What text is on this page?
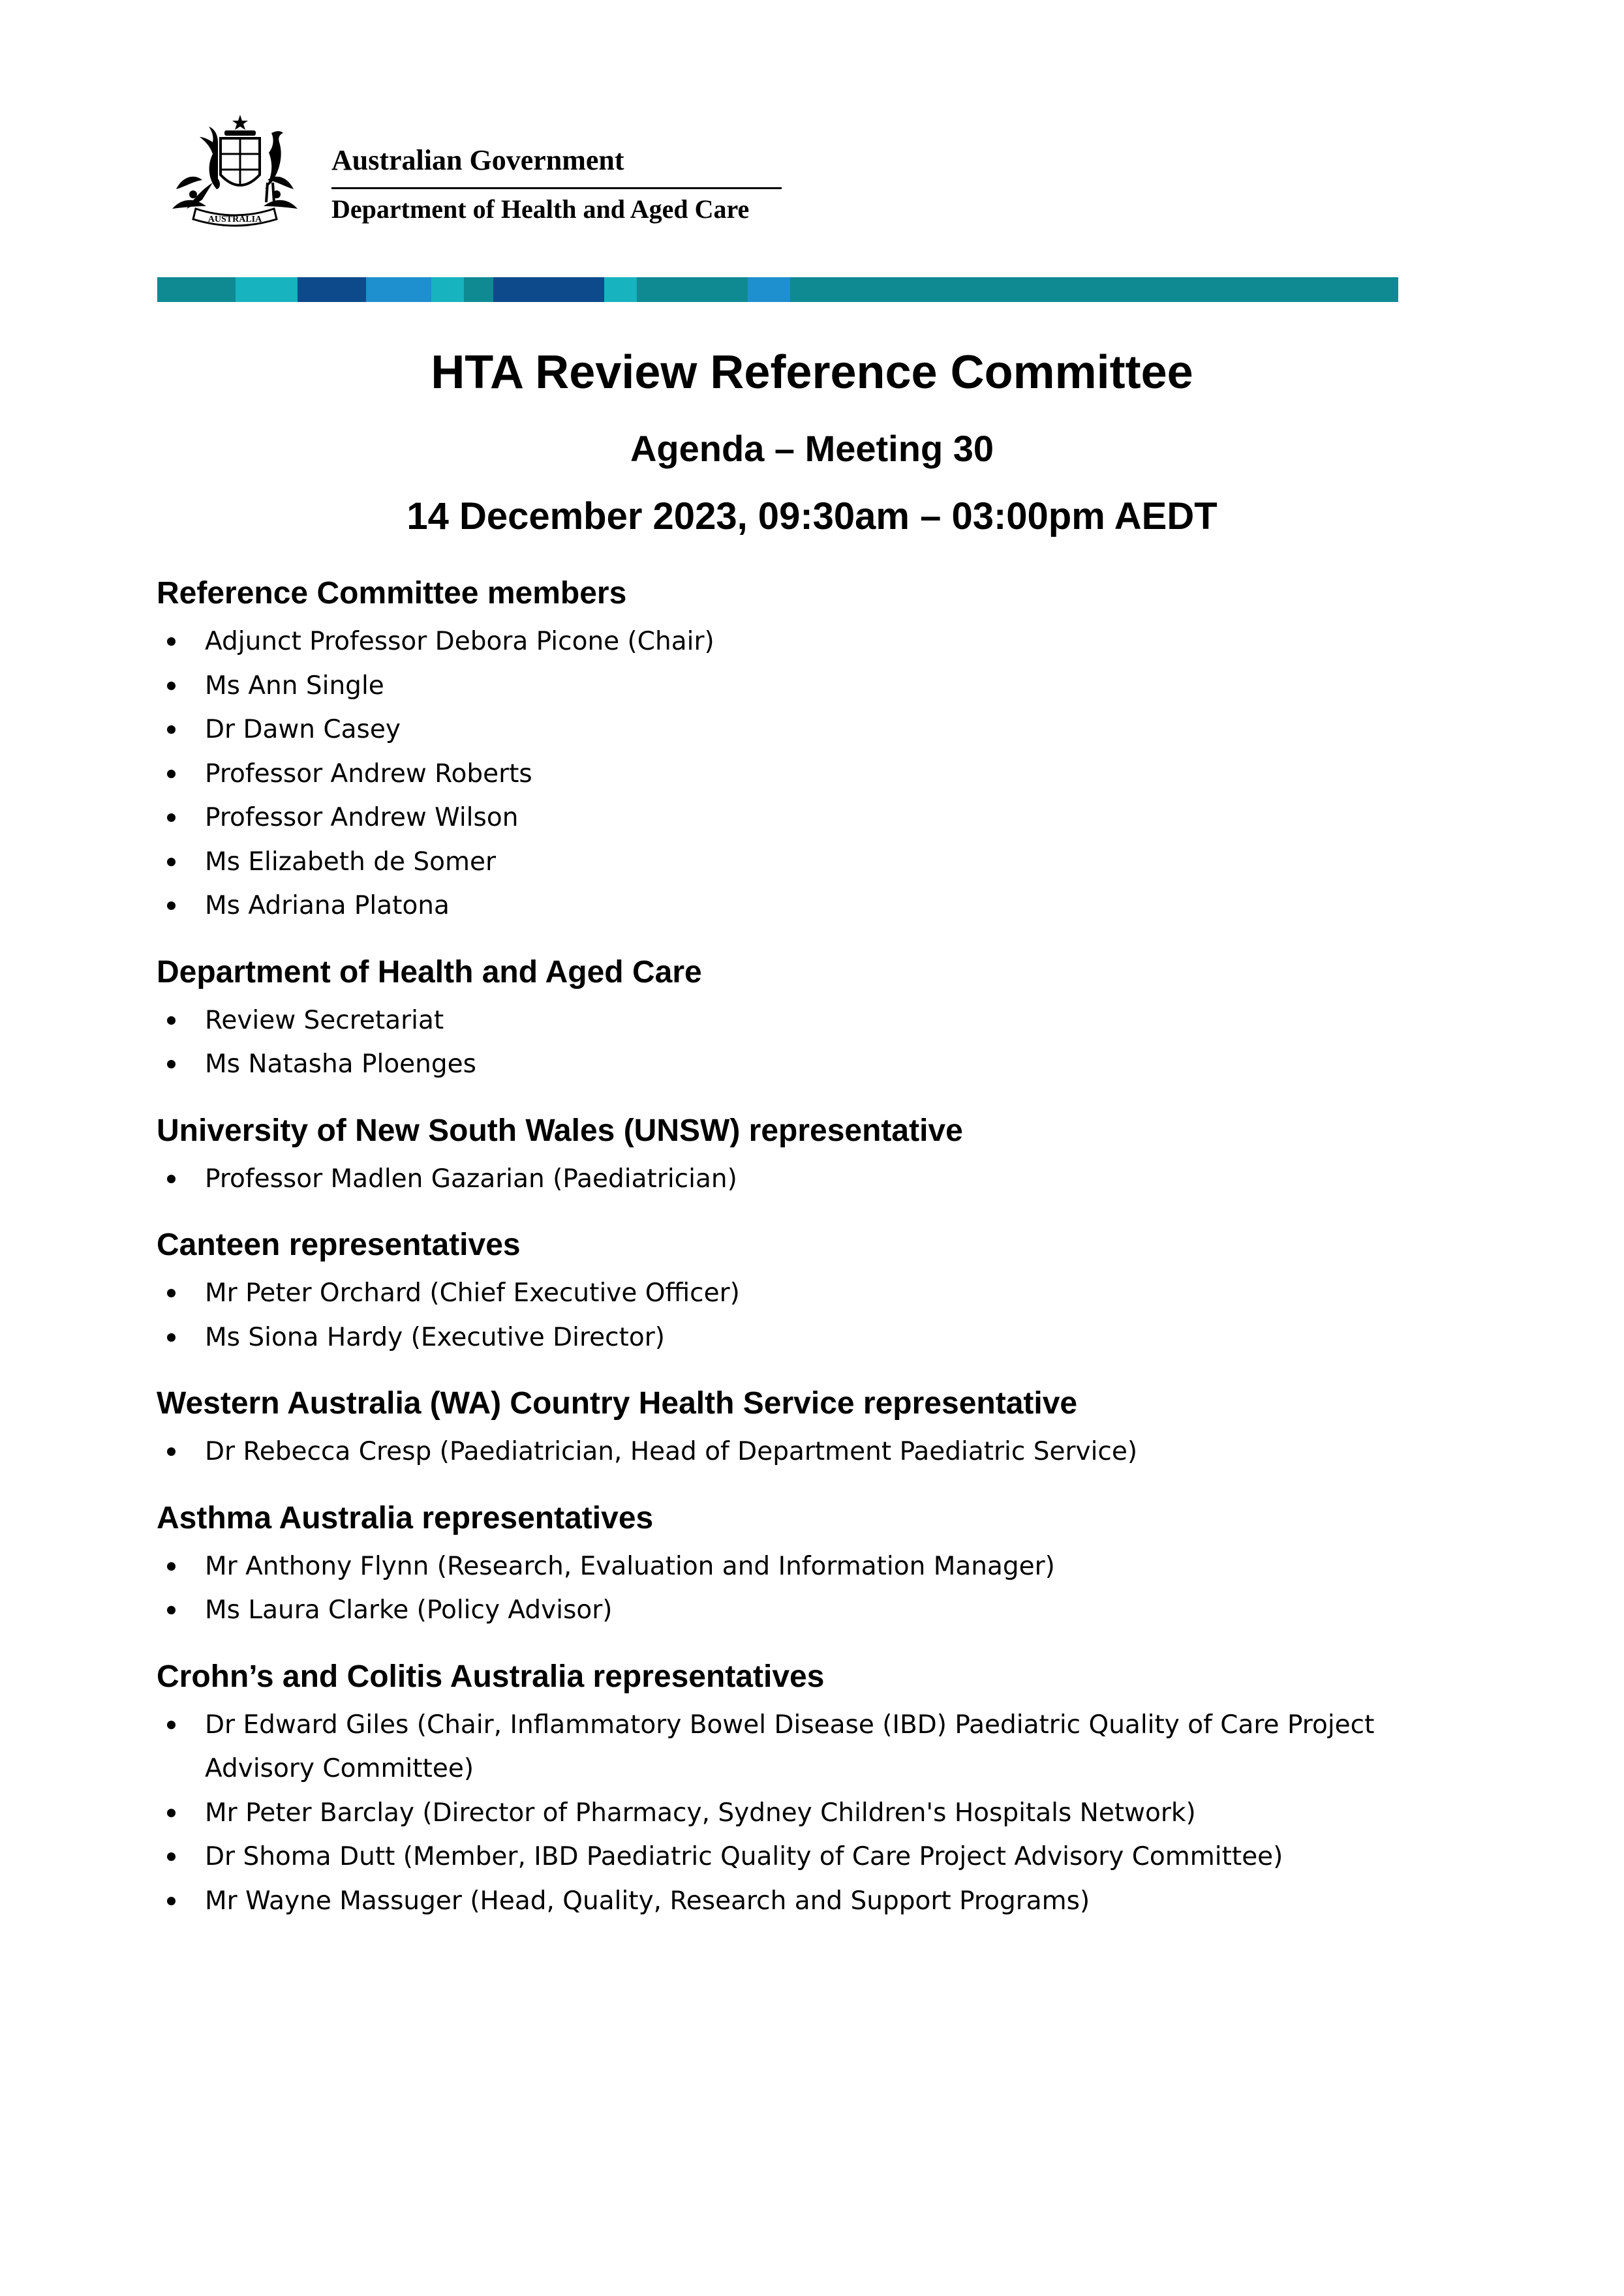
AUSTRALIA
Australian Government
Department of Health and Aged Care
HTA Review Reference Committee
Agenda – Meeting 30
14 December 2023, 09:30am – 03:00pm AEDT
Reference Committee members
Adjunct Professor Debora Picone (Chair)
Ms Ann Single
Dr Dawn Casey
Professor Andrew Roberts
Professor Andrew Wilson
Ms Elizabeth de Somer
Ms Adriana Platona
Department of Health and Aged Care
Review Secretariat
Ms Natasha Ploenges
University of New South Wales (UNSW) representative
Professor Madlen Gazarian (Paediatrician)
Canteen representatives
Mr Peter Orchard (Chief Executive Officer)
Ms Siona Hardy (Executive Director)
Western Australia (WA) Country Health Service representative
Dr Rebecca Cresp (Paediatrician, Head of Department Paediatric Service)
Asthma Australia representatives
Mr Anthony Flynn (Research, Evaluation and Information Manager)
Ms Laura Clarke (Policy Advisor)
Crohn’s and Colitis Australia representatives
Dr Edward Giles (Chair, Inflammatory Bowel Disease (IBD) Paediatric Quality of Care Project Advisory Committee)
Mr Peter Barclay (Director of Pharmacy, Sydney Children's Hospitals Network)
Dr Shoma Dutt (Member, IBD Paediatric Quality of Care Project Advisory Committee)
Mr Wayne Massuger (Head, Quality, Research and Support Programs)
